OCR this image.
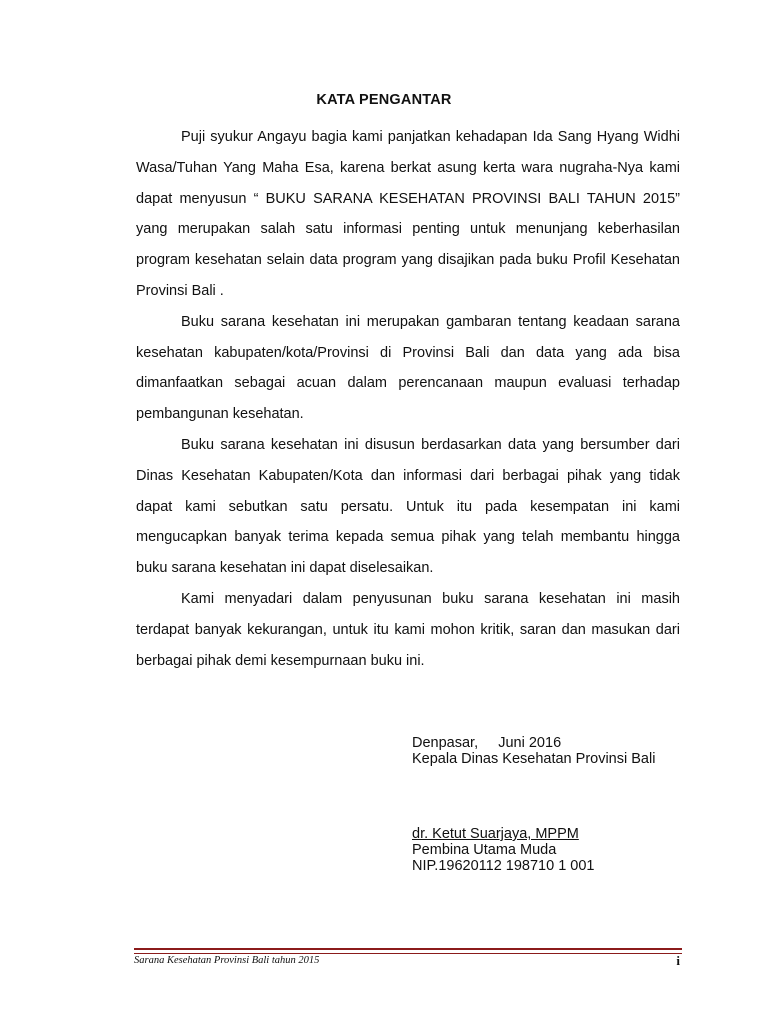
KATA PENGANTAR

Puji syukur Angayu bagia kami panjatkan kehadapan Ida Sang Hyang Widhi Wasa/Tuhan Yang Maha Esa, karena berkat asung kerta wara nugraha-Nya kami dapat menyusun “ BUKU SARANA KESEHATAN PROVINSI BALI TAHUN 2015” yang merupakan salah satu informasi penting untuk menunjang keberhasilan program kesehatan selain data program yang disajikan pada buku Profil Kesehatan Provinsi Bali .

Buku sarana kesehatan ini merupakan gambaran tentang keadaan sarana kesehatan kabupaten/kota/Provinsi di Provinsi Bali dan data yang ada bisa dimanfaatkan sebagai acuan dalam perencanaan maupun evaluasi terhadap pembangunan kesehatan.

Buku sarana kesehatan ini disusun berdasarkan data yang bersumber dari Dinas Kesehatan Kabupaten/Kota dan informasi dari berbagai pihak yang tidak dapat kami sebutkan satu persatu. Untuk itu pada kesempatan ini kami mengucapkan banyak terima kepada semua pihak yang telah membantu hingga buku sarana kesehatan ini dapat diselesaikan.

Kami menyadari dalam penyusunan buku sarana kesehatan ini masih terdapat banyak kekurangan, untuk itu kami mohon kritik, saran dan masukan dari berbagai pihak demi kesempurnaan buku ini.

Denpasar,     Juni 2016
Kepala Dinas Kesehatan Provinsi Bali
dr. Ketut Suarjaya, MPPM
Pembina Utama Muda
NIP.19620112 198710 1 001
Sarana Kesehatan Provinsi Bali tahun 2015	i
